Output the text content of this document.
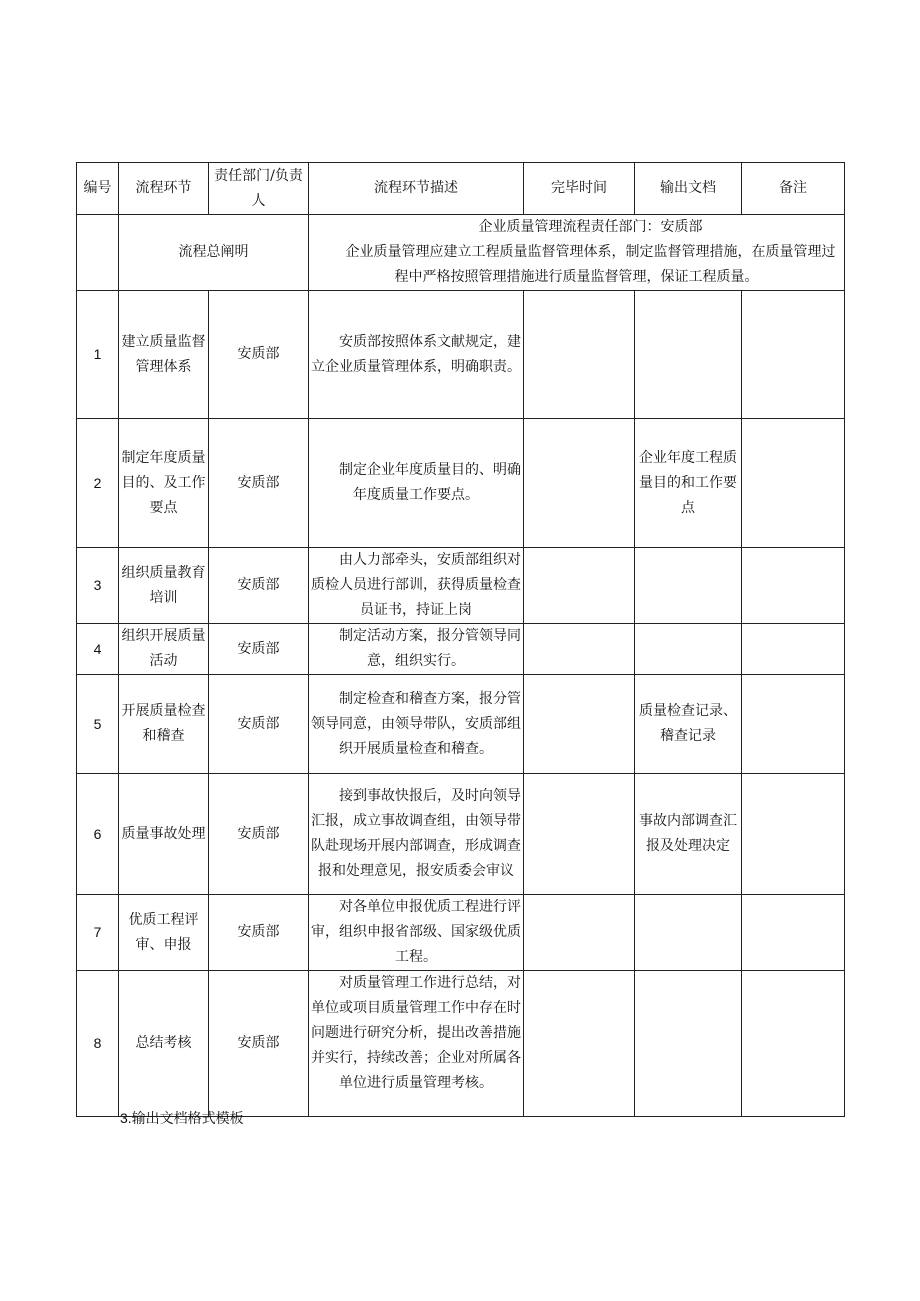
编号	流程环节	责任部门/负责人	流程环节描述	完毕时间	输出文档	备注
	流程总阐明		企业质量管理流程责任部门：安质部
企业质量管理应建立工程质量监督管理体系，制定监督管理措施，在质量管理过程中严格按照管理措施进行质量监督管理，保证工程质量。			

1	建立质量监督管理体系	安质部	安质部按照体系文献规定，建立企业质量管理体系，明确职责。			

2	制定年度质量目的、及工作要点	安质部	制定企业年度质量目的、明确年度质量工作要点。		企业年度工程质量目的和工作要点	
3	组织质量教育培训	安质部	由人力部牵头，安质部组织对质检人员进行部训，获得质量检查员证书，持证上岗			

4	组织开展质量活动	安质部	制定活动方案，报分管领导同意，组织实行。			

5	开展质量检查和稽查	安质部	制定检查和稽查方案，报分管领导同意，由领导带队，安质部组织开展质量检查和稽查。		质量检查记录、稽查记录	
6	质量事故处理	安质部	接到事故快报后，及时向领导汇报，成立事故调查组，由领导带队赴现场开展内部调查，形成调查报和处理意见，报安质委会审议		事故内部调查汇报及处理决定	
7	优质工程评审、申报	安质部	对各单位申报优质工程进行评审，组织申报省部级、国家级优质工程。			

8	总结考核	安质部	对质量管理工作进行总结，对单位或项目质量管理工作中存在时问题进行研究分析，提出改善措施并实行，持续改善；企业对所属各单位进行质量管理考核。			

3.输出文档格式模板
